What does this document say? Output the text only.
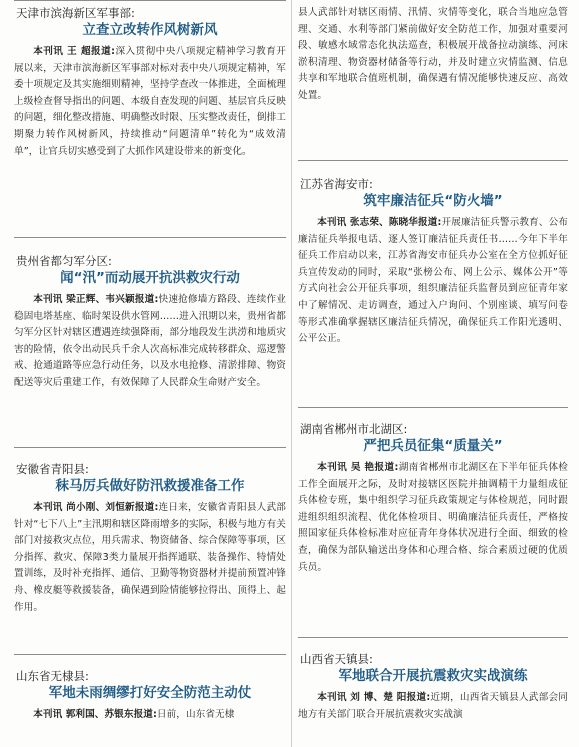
天津市滨海新区军事部:

立查立改转作风树新风

本刊讯 王 超报道:深入贯彻中央八项规定精神学习教育开展以来，天津市滨海新区军事部对标对表中央八项规定精神，军委十项规定及其实施细则精神，坚持学查改一体推进，全面梳理上级检查督导指出的问题、本级自查发现的问题、基层官兵反映的问题，细化整改措施、明确整改时限、压实整改责任，倒排工期聚力转作风树新风，持续推动“问题清单”转化为“成效清单”，让官兵切实感受到了大抓作风建设带来的新变化。

贵州省都匀军分区:

闻“汛”而动展开抗洪救灾行动

本刊讯 梁正辉、韦兴颖报道:快速抢修墙方路段、连续作业稳固电塔基座、临时架设供水管网……进入汛期以来，贵州省都匀军分区针对辖区遭遇连续强降雨，部分地段发生洪涝和地质灾害的险情，依令出动民兵千余人次高标准完成转移群众、巡逻警戒、抢通道路等应急行动任务，以及水电抢修、清淤排障、物资配送等灾后重建工作，有效保障了人民群众生命财产安全。

安徽省青阳县:

秣马厉兵做好防汛救援准备工作

本刊讯 尚小刚、刘恒新报道:连日来，安徽省青阳县人武部针对“七下八上”主汛期和辖区降雨增多的实际，积极与地方有关部门对接救灾点位，用兵需求、物资储备、综合保障等事项，区分指挥、救灾、保障3类力量展开指挥通联、装备操作、特情处置训练，及时补充指挥、通信、卫勤等物资器材并提前预置冲锋舟、橡皮艇等救援装备，确保遇到险情能够拉得出、顶得上、起作用。

山东省无棣县:

军地未雨绸缪打好安全防范主动仗

本刊讯 郭利国、苏银东报道:日前，山东省无棣

县人武部针对辖区雨情、汛情、灾情等变化，联合当地应急管理、交通、水利等部门紧前做好安全防范工作，加强对重要河段、敏感水域常态化执法巡查，积极展开战备拉动演练、河床淤积清理、物资器材储备等行动，并及时建立灾情监测、信息共享和军地联合值班机制，确保遇有情况能够快速反应、高效处置。

江苏省海安市:

筑牢廉洁征兵“防火墙”

本刊讯 张志荣、陈晓华报道:开展廉洁征兵警示教育、公布廉洁征兵举报电话、逐人签订廉洁征兵责任书……今年下半年征兵工作启动以来，江苏省海安市征兵办公室在全方位抓好征兵宣传发动的同时，采取“张榜公布、网上公示、媒体公开”等方式向社会公开征兵事项，组织廉洁征兵监督员到应征青年家中了解情况、走访调查，通过入户询问、个别座谈、填写问卷等形式准确掌握辖区廉洁征兵情况，确保征兵工作阳光透明、公平公正。

湖南省郴州市北湖区:

严把兵员征集“质量关”

本刊讯 吴 艳报道:湖南省郴州市北湖区在下半年征兵体检工作全面展开之际，及时对接辖区医院并抽调精干力量组成征兵体检专班，集中组织学习征兵政策规定与体检规范，同时跟进组织组织流程、优化体检项目、明确廉洁征兵责任，严格按照国家征兵体检标准对应征青年身体状况进行全面、细致的检查，确保为部队输送出身体和心理合格、综合素质过硬的优质兵员。

山西省天镇县:

军地联合开展抗震救灾实战演练

本刊讯 刘 博、楚 阳报道:近期，山西省天镇县人武部会同地方有关部门联合开展抗震救灾实战演
